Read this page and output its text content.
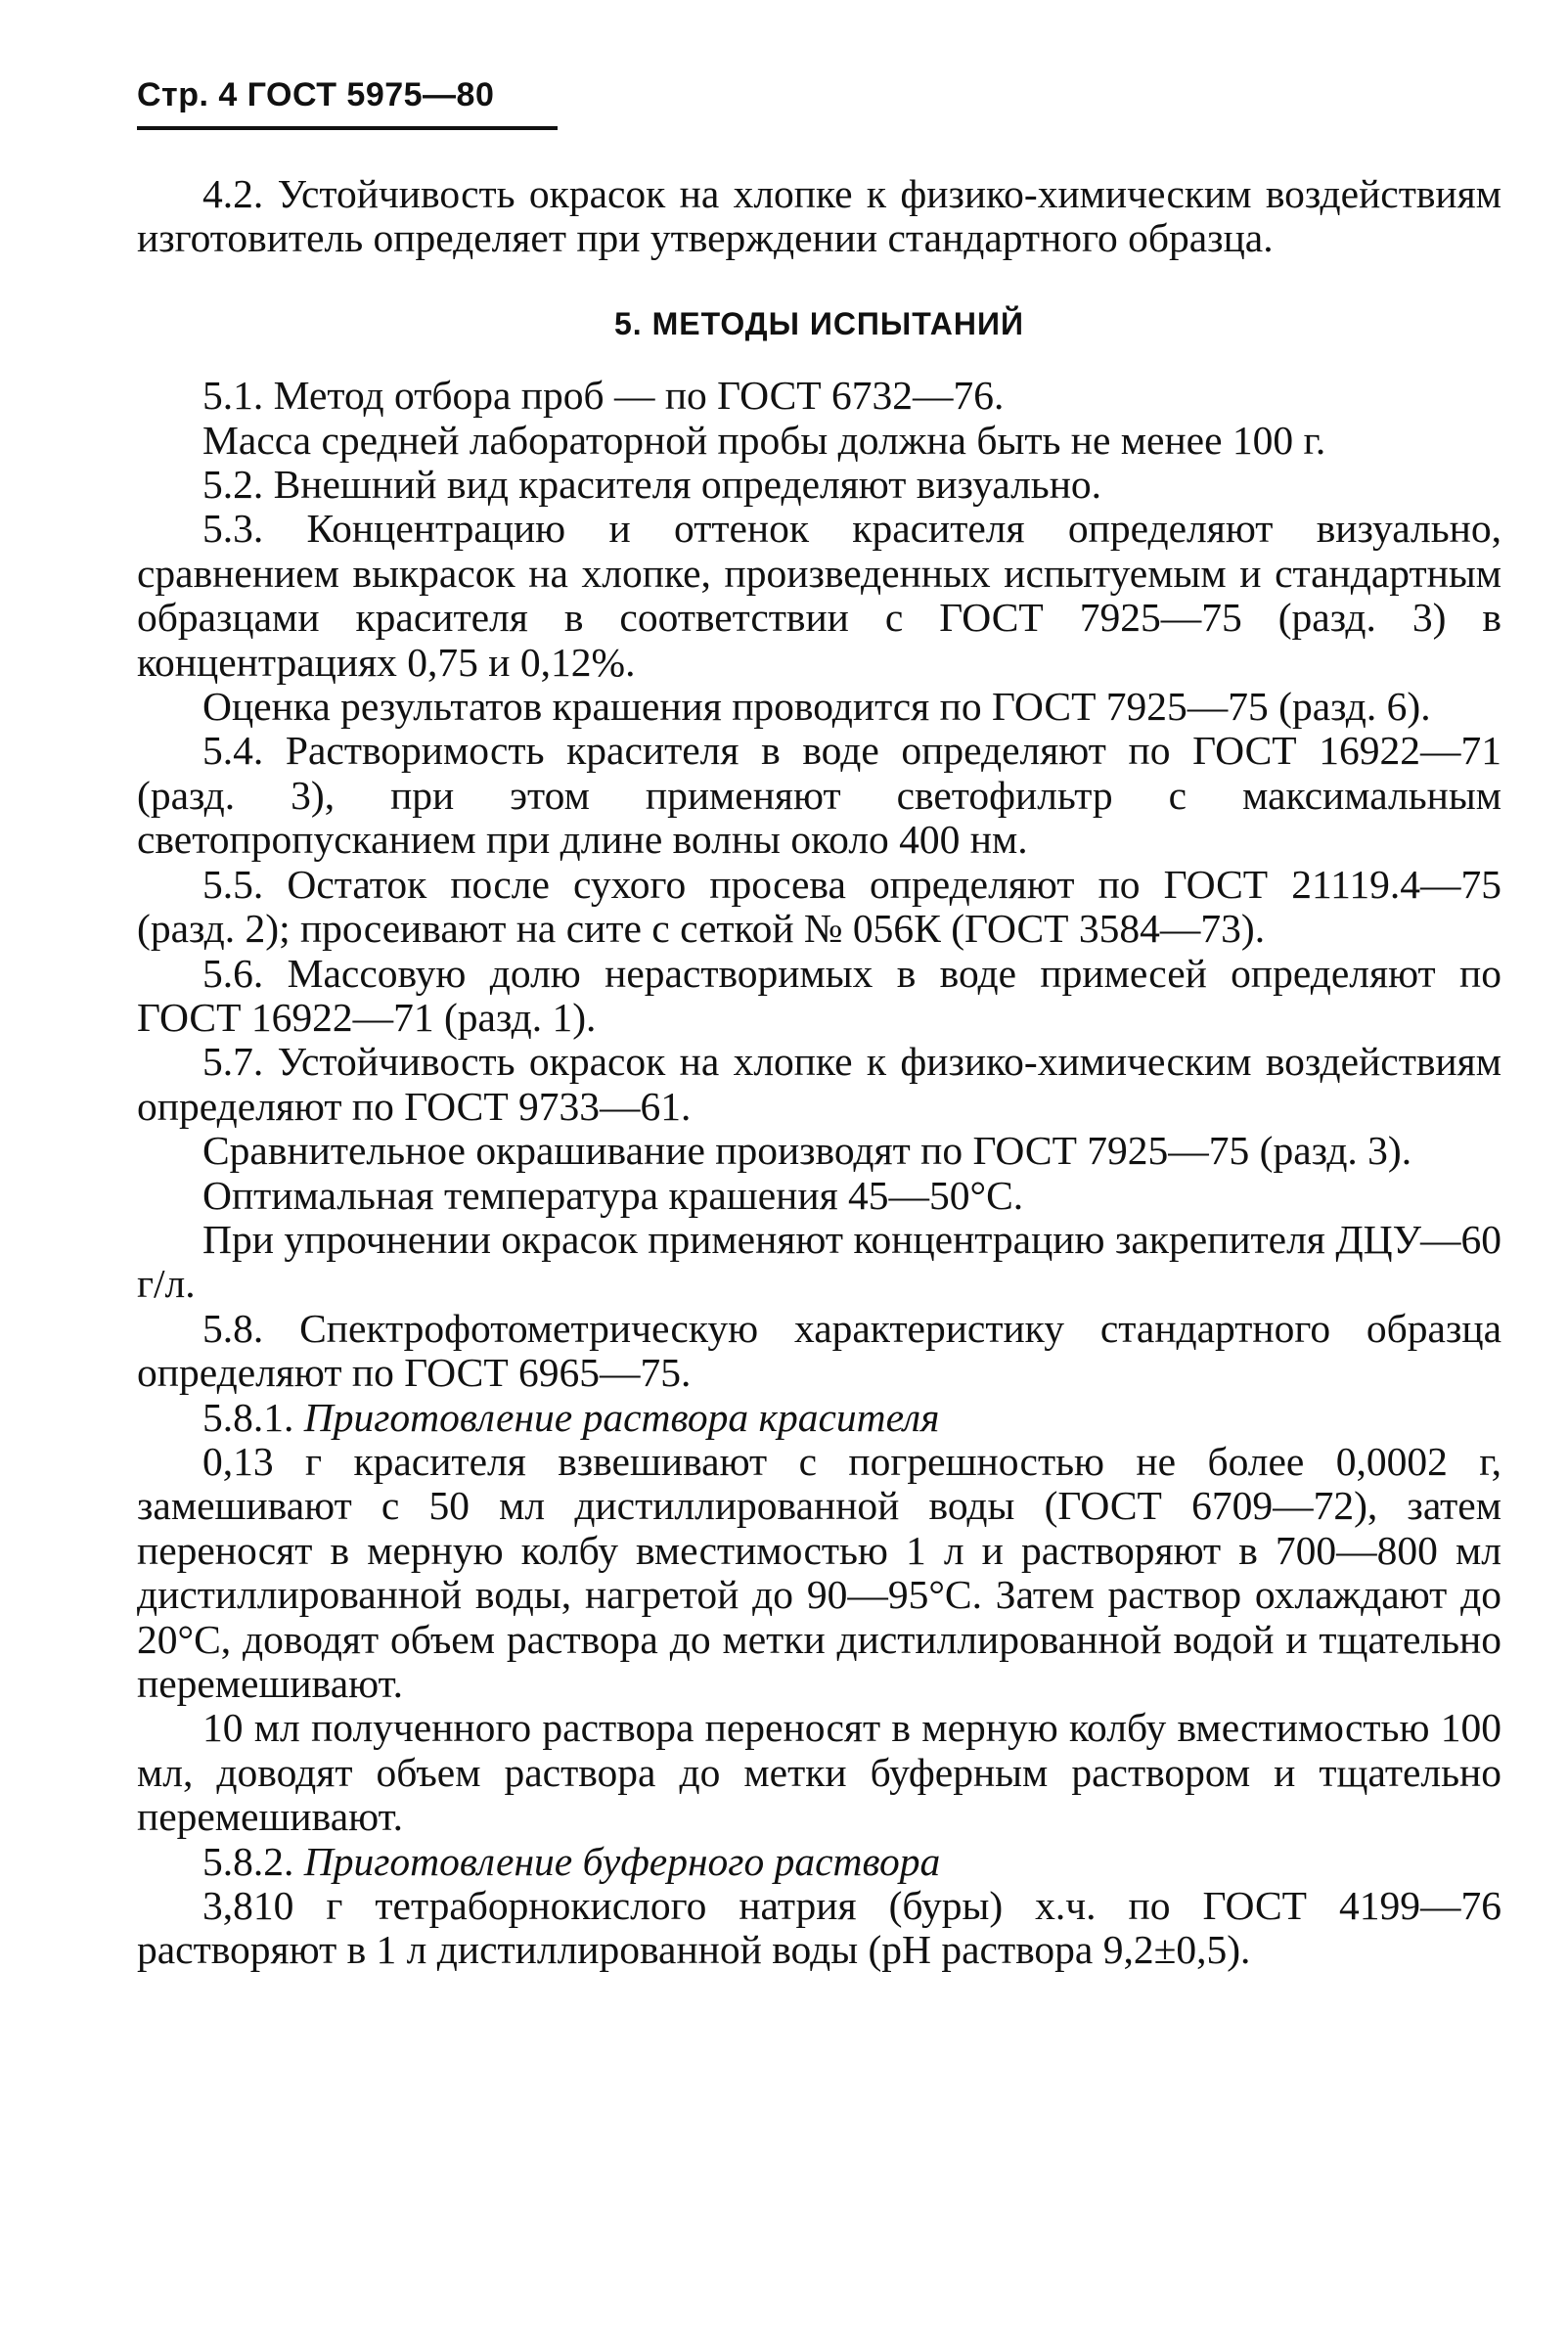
Стр. 4 ГОСТ 5975—80

4.2. Устойчивость окрасок на хлопке к физико-химическим воздействиям изготовитель определяет при утверждении стандартного образца.

5. МЕТОДЫ ИСПЫТАНИЙ

5.1. Метод отбора проб — по ГОСТ 6732—76.

Масса средней лабораторной пробы должна быть не менее 100 г.

5.2. Внешний вид красителя определяют визуально.

5.3. Концентрацию и оттенок красителя определяют визуально, сравнением выкрасок на хлопке, произведенных испытуемым и стандартным образцами красителя в соответствии с ГОСТ 7925—75 (разд. 3) в концентрациях 0,75 и 0,12%.

Оценка результатов крашения проводится по ГОСТ 7925—75 (разд. 6).

5.4. Растворимость красителя в воде определяют по ГОСТ 16922—71 (разд. 3), при этом применяют светофильтр с максимальным светопропусканием при длине волны около 400 нм.

5.5. Остаток после сухого просева определяют по ГОСТ 21119.4—75 (разд. 2); просеивают на сите с сеткой № 056К (ГОСТ 3584—73).

5.6. Массовую долю нерастворимых в воде примесей определяют по ГОСТ 16922—71 (разд. 1).

5.7. Устойчивость окрасок на хлопке к физико-химическим воздействиям определяют по ГОСТ 9733—61.

Сравнительное окрашивание производят по ГОСТ 7925—75 (разд. 3).

Оптимальная температура крашения 45—50°С.

При упрочнении окрасок применяют концентрацию закрепителя ДЦУ—60 г/л.

5.8. Спектрофотометрическую характеристику стандартного образца определяют по ГОСТ 6965—75.

5.8.1. Приготовление раствора красителя

0,13 г красителя взвешивают с погрешностью не более 0,0002 г, замешивают с 50 мл дистиллированной воды (ГОСТ 6709—72), затем переносят в мерную колбу вместимостью 1 л и растворяют в 700—800 мл дистиллированной воды, нагретой до 90—95°С. Затем раствор охлаждают до 20°С, доводят объем раствора до метки дистиллированной водой и тщательно перемешивают.

10 мл полученного раствора переносят в мерную колбу вместимостью 100 мл, доводят объем раствора до метки буферным раствором и тщательно перемешивают.

5.8.2. Приготовление буферного раствора

3,810 г тетраборнокислого натрия (буры) х.ч. по ГОСТ 4199—76 растворяют в 1 л дистиллированной воды (рН раствора 9,2±0,5).
